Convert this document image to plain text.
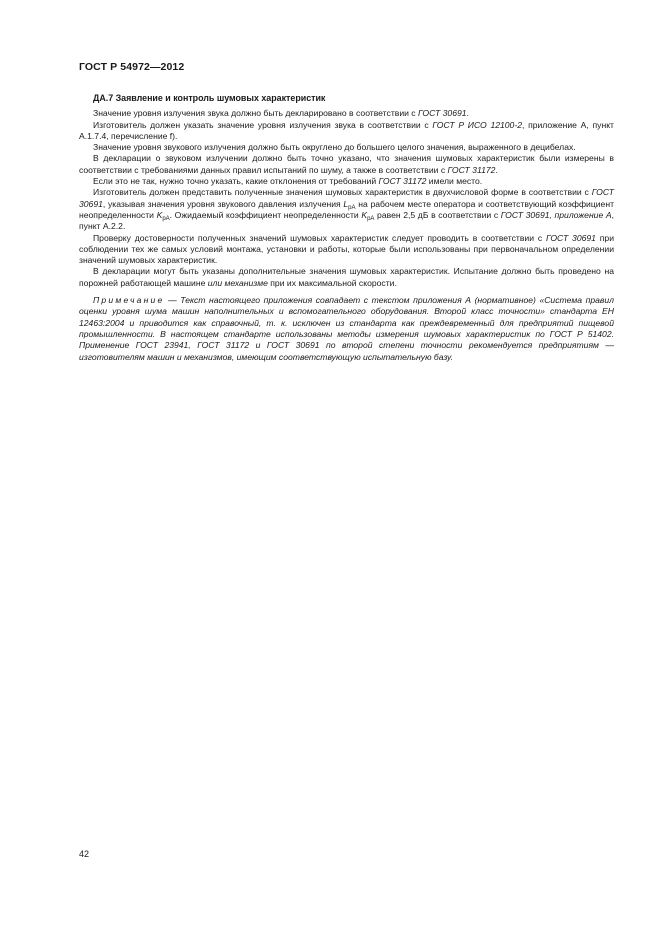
ГОСТ Р 54972—2012

ДА.7 Заявление и контроль шумовых характеристик

Значение уровня излучения звука должно быть декларировано в соответствии с ГОСТ 30691.

Изготовитель должен указать значение уровня излучения звука в соответствии с ГОСТ Р ИСО 12100-2, приложение А, пункт А.1.7.4, перечисление f).

Значение уровня звукового излучения должно быть округлено до большего целого значения, выраженного в децибелах.

В декларации о звуковом излучении должно быть точно указано, что значения шумовых характеристик были измерены в соответствии с требованиями данных правил испытаний по шуму, а также в соответствии с ГОСТ 31172.

Если это не так, нужно точно указать, какие отклонения от требований ГОСТ 31172 имели место.

Изготовитель должен представить полученные значения шумовых характеристик в двухчисловой форме в соответствии с ГОСТ 30691, указывая значения уровня звукового давления излучения $L_{pA}$ на рабочем месте оператора и соответствующий коэффициент неопределенности $K_{pA}$. Ожидаемый коэффициент неопределенности $K_{pA}$ равен 2,5 дБ в соответствии с ГОСТ 30691, приложение А, пункт А.2.2.

Проверку достоверности полученных значений шумовых характеристик следует проводить в соответствии с ГОСТ 30691 при соблюдении тех же самых условий монтажа, установки и работы, которые были использованы при первоначальном определении значений шумовых характеристик.

В декларации могут быть указаны дополнительные значения шумовых характеристик. Испытание должно быть проведено на порожней работающей машине или механизме при их максимальной скорости.

Примечание — Текст настоящего приложения совпадает с текстом приложения А (нормативное) «Система правил оценки уровня шума машин наполнительных и вспомогательного оборудования. Второй класс точности» стандарта ЕН 12463:2004 и приводится как справочный, т. к. исключен из стандарта как преждевременный для предприятий пищевой промышленности. В настоящем стандарте использованы методы измерения шумовых характеристик по ГОСТ Р 51402. Применение ГОСТ 23941, ГОСТ 31172 и ГОСТ 30691 по второй степени точности рекомендуется предприятиям — изготовителям машин и механизмов, имеющим соответствующую испытательную базу.

42
